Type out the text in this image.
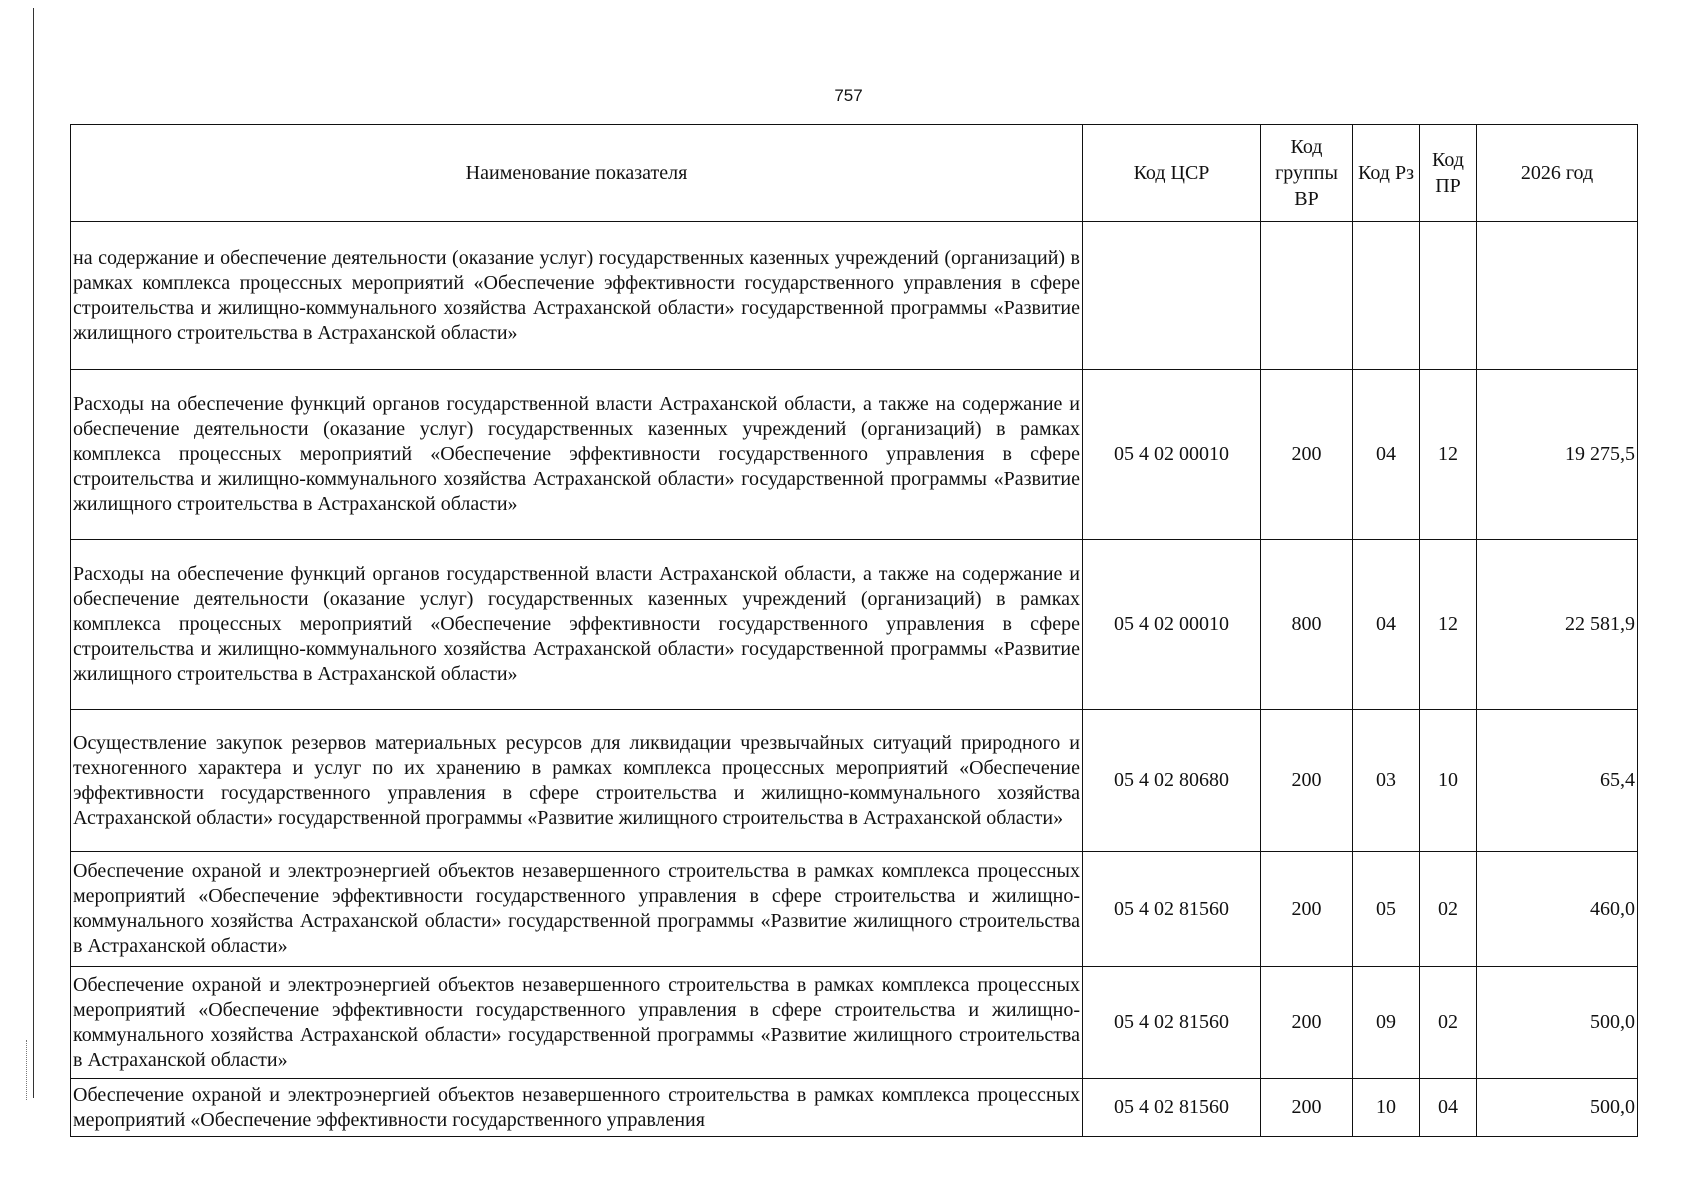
757
Наименование показателя	Код ЦСР	Код группы ВР	Код Рз	Код ПР	2026 год
на содержание и обеспечение деятельности (оказание услуг) государственных казенных учреждений (организаций) в рамках комплекса процессных мероприятий «Обеспечение эффективности государственного управления в сфере строительства и жилищно-коммунального хозяйства Астраханской области» государственной программы «Развитие жилищного строительства в Астраханской области»					
Расходы на обеспечение функций органов государственной власти Астраханской области, а также на содержание и обеспечение деятельности (оказание услуг) государственных казенных учреждений (организаций) в рамках комплекса процессных мероприятий «Обеспечение эффективности государственного управления в сфере строительства и жилищно-коммунального хозяйства Астраханской области» государственной программы «Развитие жилищного строительства в Астраханской области»	05 4 02 00010	200	04	12	19 275,5
Расходы на обеспечение функций органов государственной власти Астраханской области, а также на содержание и обеспечение деятельности (оказание услуг) государственных казенных учреждений (организаций) в рамках комплекса процессных мероприятий «Обеспечение эффективности государственного управления в сфере строительства и жилищно-коммунального хозяйства Астраханской области» государственной программы «Развитие жилищного строительства в Астраханской области»	05 4 02 00010	800	04	12	22 581,9
Осуществление закупок резервов материальных ресурсов для ликвидации чрезвычайных ситуаций природного и техногенного характера и услуг по их хранению в рамках комплекса процессных мероприятий «Обеспечение эффективности государственного управления в сфере строительства и жилищно-коммунального хозяйства Астраханской области» государственной программы «Развитие жилищного строительства в Астраханской области»	05 4 02 80680	200	03	10	65,4
Обеспечение охраной и электроэнергией объектов незавершенного строительства в рамках комплекса процессных мероприятий «Обеспечение эффективности государственного управления в сфере строительства и жилищно-коммунального хозяйства Астраханской области» государственной программы «Развитие жилищного строительства в Астраханской области»	05 4 02 81560	200	05	02	460,0
Обеспечение охраной и электроэнергией объектов незавершенного строительства в рамках комплекса процессных мероприятий «Обеспечение эффективности государственного управления в сфере строительства и жилищно-коммунального хозяйства Астраханской области» государственной программы «Развитие жилищного строительства в Астраханской области»	05 4 02 81560	200	09	02	500,0
Обеспечение охраной и электроэнергией объектов незавершенного строительства в рамках комплекса процессных мероприятий «Обеспечение эффективности государственного управления	05 4 02 81560	200	10	04	500,0
